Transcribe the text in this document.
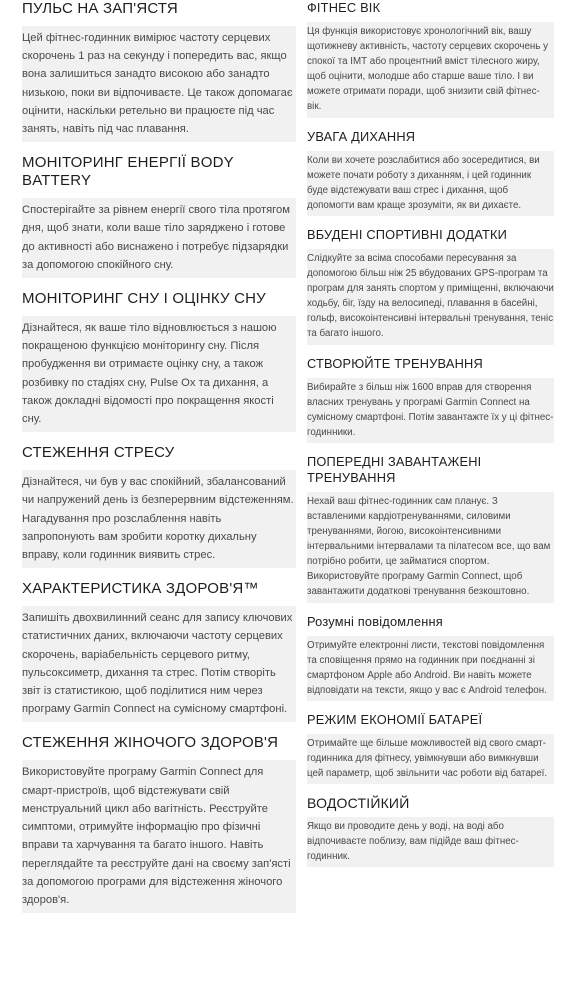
ПУЛЬС НА ЗАП'ЯСТЯ

Цей фітнес-годинник вимірює частоту серцевих скорочень 1 раз на секунду і попередить вас, якщо вона залишиться занадто високою або занадто низькою, поки ви відпочиваєте. Це також допомагає оцінити, наскільки ретельно ви працюєте під час занять, навіть під час плавання.

МОНІТОРИНГ ЕНЕРГІЇ BODY BATTERY

Спостерігайте за рівнем енергії свого тіла протягом дня, щоб знати, коли ваше тіло заряджено і готове до активності або виснажено і потребує підзарядки за допомогою спокійного сну.

МОНІТОРИНГ СНУ І ОЦІНКУ СНУ

Дізнайтеся, як ваше тіло відновлюється з нашою покращеною функцією моніторингу сну. Після пробудження ви отримаєте оцінку сну, а також розбивку по стадіях сну, Pulse Ox та дихання, а також докладні відомості про покращення якості сну.

СТЕЖЕННЯ СТРЕСУ

Дізнайтеся, чи був у вас спокійний, збалансований чи напружений день із безперервним відстеженням. Нагадування про розслаблення навіть запропонують вам зробити коротку дихальну вправу, коли годинник виявить стрес.

ХАРАКТЕРИСТИКА ЗДОРОВ'Я™

Запишіть двохвилинний сеанс для запису ключових статистичних даних, включаючи частоту серцевих скорочень, варіабельність серцевого ритму, пульсоксиметр, дихання та стрес. Потім створіть звіт із статистикою, щоб поділитися ним через програму Garmin Connect на сумісному смартфоні.

СТЕЖЕННЯ ЖІНОЧОГО ЗДОРОВ'Я

Використовуйте програму Garmin Connect для смарт-пристроїв, щоб відстежувати свій менструальний цикл або вагітність. Реєструйте симптоми, отримуйте інформацію про фізичні вправи та харчування та багато іншого. Навіть переглядайте та реєструйте дані на своєму зап'ясті за допомогою програми для відстеження жіночого здоров'я.

ФІТНЕС ВІК

Ця функція використовує хронологічний вік, вашу щотижневу активність, частоту серцевих скорочень у спокої та ІМТ або процентний вміст тілесного жиру, щоб оцінити, молодше або старше ваше тіло. І ви можете отримати поради, щоб знизити свій фітнес-вік.

УВАГА ДИХАННЯ

Коли ви хочете розслабитися або зосередитися, ви можете почати роботу з диханням, і цей годинник буде відстежувати ваш стрес і дихання, щоб допомогти вам краще зрозуміти, як ви дихаєте.

ВБУДЕНІ СПОРТИВНІ ДОДАТКИ

Слідкуйте за всіма способами пересування за допомогою більш ніж 25 вбудованих GPS-програм та програм для занять спортом у приміщенні, включаючи ходьбу, біг, їзду на велосипеді, плавання в басейні, гольф, високоінтенсивні інтервальні тренування, теніс та багато іншого.

СТВОРЮЙТЕ ТРЕНУВАННЯ

Вибирайте з більш ніж 1600 вправ для створення власних тренувань у програмі Garmin Connect на сумісному смартфоні. Потім завантажте їх у ці фітнес-годинники.

ПОПЕРЕДНІ ЗАВАНТАЖЕНІ ТРЕНУВАННЯ

Нехай ваш фітнес-годинник сам планує. З вставленими кардіотренуваннями, силовими тренуваннями, йогою, високоінтенсивними інтервальними інтервалами та пілатесом все, що вам потрібно робити, це займатися спортом. Використовуйте програму Garmin Connect, щоб завантажити додаткові тренування безкоштовно.

Розумні повідомлення

Отримуйте електронні листи, текстові повідомлення та сповіщення прямо на годинник при поєднанні зі смартфоном Apple або Android. Ви навіть можете відповідати на тексти, якщо у вас є Android телефон.

РЕЖИМ ЕКОНОМІЇ БАТАРЕЇ

Отримайте ще більше можливостей від свого смарт-годинника для фітнесу, увімкнувши або вимкнувши цей параметр, щоб звільнити час роботи від батареї.

ВОДОСТІЙКИЙ

Якщо ви проводите день у воді, на воді або відпочиваєте поблизу, вам підійде ваш фітнес-годинник.
